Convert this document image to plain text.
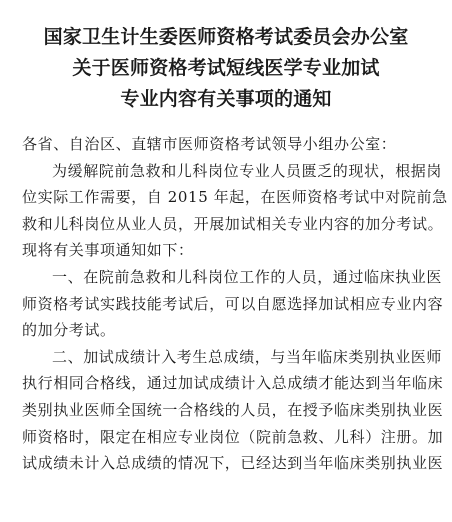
国家卫生计生委医师资格考试委员会办公室
关于医师资格考试短线医学专业加试
专业内容有关事项的通知
各省、自治区、直辖市医师资格考试领导小组办公室：
为缓解院前急救和儿科岗位专业人员匮乏的现状，根据岗
位实际工作需要，自 2015 年起，在医师资格考试中对院前急
救和儿科岗位从业人员，开展加试相关专业内容的加分考试。
现将有关事项通知如下：
一、在院前急救和儿科岗位工作的人员，通过临床执业医
师资格考试实践技能考试后，可以自愿选择加试相应专业内容
的加分考试。
二、加试成绩计入考生总成绩，与当年临床类别执业医师
执行相同合格线，通过加试成绩计入总成绩才能达到当年临床
类别执业医师全国统一合格线的人员，在授予临床类别执业医
师资格时，限定在相应专业岗位（院前急救、儿科）注册。加
试成绩未计入总成绩的情况下，已经达到当年临床类别执业医
